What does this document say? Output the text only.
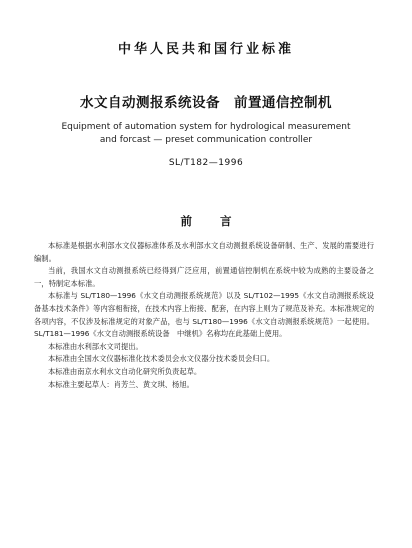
中华人民共和国行业标准
水文自动测报系统设备　前置通信控制机
Equipment of automation system for hydrological measurement
and forcast — preset communication controller
SL/T182—1996
前 言

本标准是根据水利部水文仪器标准体系及水利部水文自动测报系统设备研制、生产、发展的需要进行编制。

当前，我国水文自动测报系统已经得到广泛应用，前置通信控制机在系统中较为成熟的主要设备之一，特制定本标准。

本标准与 SL/T180—1996《水文自动测报系统规范》以及 SL/T102—1995《水文自动测报系统设备基本技术条件》等内容相衔接，在技术内容上衔接、配套，在内容上则为了规范及补充。本标准规定的各项内容，不仅涉及标准规定的对象产品，也与 SL/T180—1996《水文自动测报系统规范》一起使用。SL/T181—1996《水文自动测报系统设备　中继机》名称均在此基础上使用。

本标准由水利部水文司提出。

本标准由全国水文仪器标准化技术委员会水文仪器分技术委员会归口。

本标准由南京水利水文自动化研究所负责起草。

本标准主要起草人：肖芳兰、黄文琪、杨旭。
